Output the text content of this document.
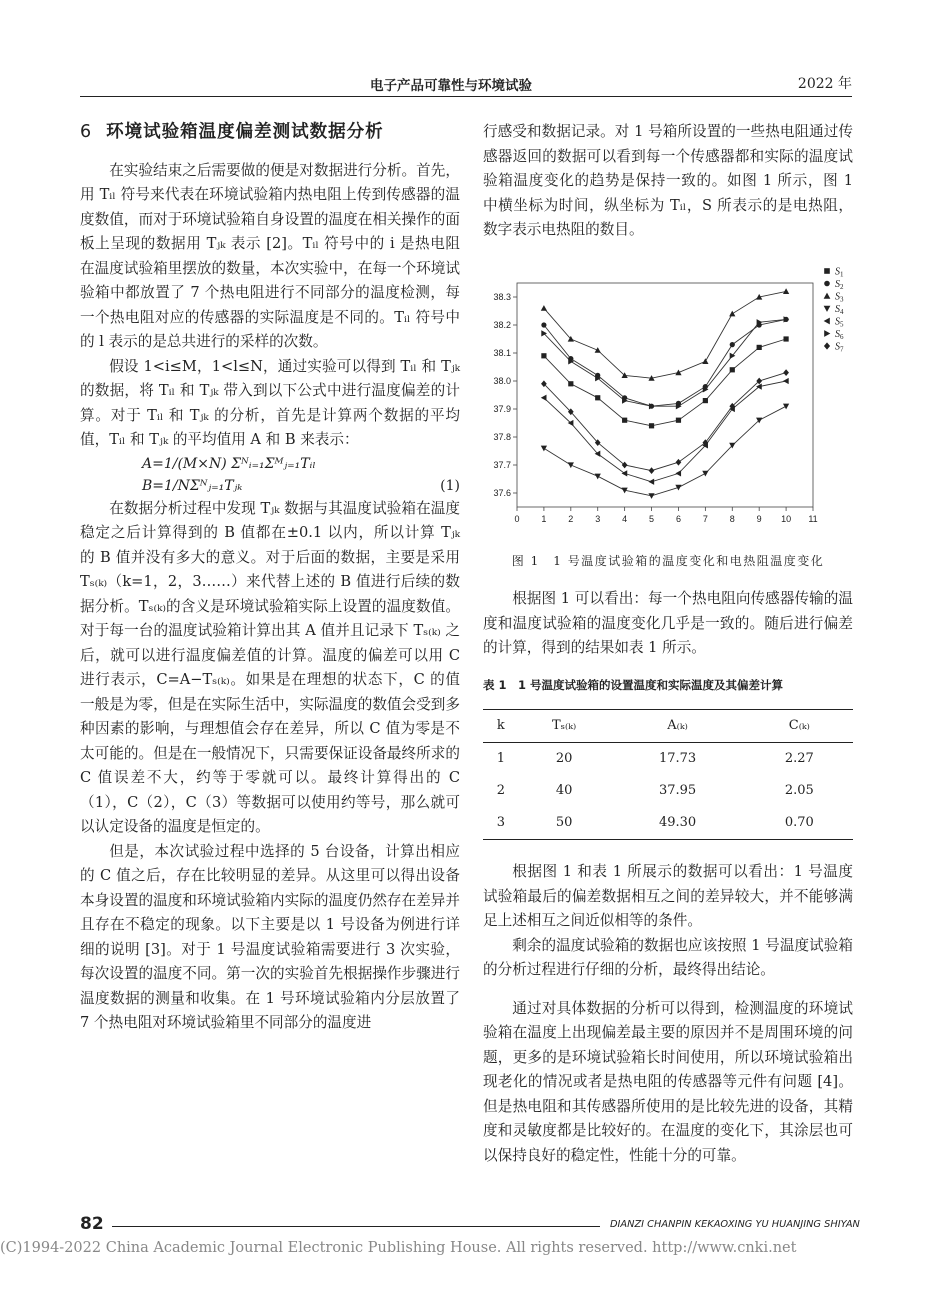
电子产品可靠性与环境试验	2022 年
6 环境试验箱温度偏差测试数据分析

在实验结束之后需要做的便是对数据进行分析。首先，用 Tᵢₗ 符号来代表在环境试验箱内热电阻上传到传感器的温度数值，而对于环境试验箱自身设置的温度在相关操作的面板上呈现的数据用 Tⱼₖ 表示 [2]。Tᵢₗ 符号中的 i 是热电阻在温度试验箱里摆放的数量，本次实验中，在每一个环境试验箱中都放置了 7 个热电阻进行不同部分的温度检测，每一个热电阻对应的传感器的实际温度是不同的。Tᵢₗ 符号中的 l 表示的是总共进行的采样的次数。

假设 1<i≤M，1<l≤N，通过实验可以得到 Tᵢₗ 和 Tⱼₖ 的数据，将 Tᵢₗ 和 Tⱼₖ 带入到以下公式中进行温度偏差的计算。对于 Tᵢₗ 和 Tⱼₖ 的分析，首先是计算两个数据的平均值，Tᵢₗ 和 Tⱼₖ 的平均值用 A 和 B 来表示：

A=1/(M×N) Σᴺᵢ₌₁Σᴹⱼ₌₁Tᵢₗ
B=1/NΣᴺⱼ₌₁Tⱼₖ	(1)

在数据分析过程中发现 Tⱼₖ 数据与其温度试验箱在温度稳定之后计算得到的 B 值都在±0.1 以内，所以计算 Tⱼₖ 的 B 值并没有多大的意义。对于后面的数据，主要是采用 Tₛ₍ₖ₎（k=1，2，3……）来代替上述的 B 值进行后续的数据分析。Tₛ₍ₖ₎的含义是环境试验箱实际上设置的温度数值。对于每一台的温度试验箱计算出其 A 值并且记录下 Tₛ₍ₖ₎ 之后，就可以进行温度偏差值的计算。温度的偏差可以用 C 进行表示，C=A−Tₛ₍ₖ₎。如果是在理想的状态下，C 的值一般是为零，但是在实际生活中，实际温度的数值会受到多种因素的影响，与理想值会存在差异，所以 C 值为零是不太可能的。但是在一般情况下，只需要保证设备最终所求的 C 值误差不大，约等于零就可以。最终计算得出的 C（1），C（2），C（3）等数据可以使用约等号，那么就可以认定设备的温度是恒定的。

但是，本次试验过程中选择的 5 台设备，计算出相应的 C 值之后，存在比较明显的差异。从这里可以得出设备本身设置的温度和环境试验箱内实际的温度仍然存在差异并且存在不稳定的现象。以下主要是以 1 号设备为例进行详细的说明 [3]。对于 1 号温度试验箱需要进行 3 次实验，每次设置的温度不同。第一次的实验首先根据操作步骤进行温度数据的测量和收集。在 1 号环境试验箱内分层放置了 7 个热电阻对环境试验箱里不同部分的温度进

行感受和数据记录。对 1 号箱所设置的一些热电阻通过传感器返回的数据可以看到每一个传感器都和实际的温度试验箱温度变化的趋势是保持一致的。如图 1 所示，图 1 中横坐标为时间，纵坐标为 Tᵢₗ，S 所表示的是电热阻，数字表示电热阻的数目。

0 1 2 3 4 5 6 7 8 9 10 11
37.6
37.7
37.8
37.9
38.0
38.1
38.2
38.3
$S_1$
$S_2$
$S_3$
$S_4$
$S_5$
$S_6$
$S_7$
图 1　1 号温度试验箱的温度变化和电热阻温度变化

根据图 1 可以看出：每一个热电阻向传感器传输的温度和温度试验箱的温度变化几乎是一致的。随后进行偏差的计算，得到的结果如表 1 所示。

表 1　1 号温度试验箱的设置温度和实际温度及其偏差计算
k	Tₛ₍ₖ₎	A₍ₖ₎	C₍ₖ₎
1	20	17.73	2.27
2	40	37.95	2.05
3	50	49.30	0.70

根据图 1 和表 1 所展示的数据可以看出：1 号温度试验箱最后的偏差数据相互之间的差异较大，并不能够满足上述相互之间近似相等的条件。

剩余的温度试验箱的数据也应该按照 1 号温度试验箱的分析过程进行仔细的分析，最终得出结论。

通过对具体数据的分析可以得到，检测温度的环境试验箱在温度上出现偏差最主要的原因并不是周围环境的问题，更多的是环境试验箱长时间使用，所以环境试验箱出现老化的情况或者是热电阻的传感器等元件有问题 [4]。但是热电阻和其传感器所使用的是比较先进的设备，其精度和灵敏度都是比较好的。在温度的变化下，其涂层也可以保持良好的稳定性，性能十分的可靠。

82	DIANZI CHANPIN KEKAOXING YU HUANJING SHIYAN
(C)1994-2022 China Academic Journal Electronic Publishing House. All rights reserved. http://www.cnki.net
